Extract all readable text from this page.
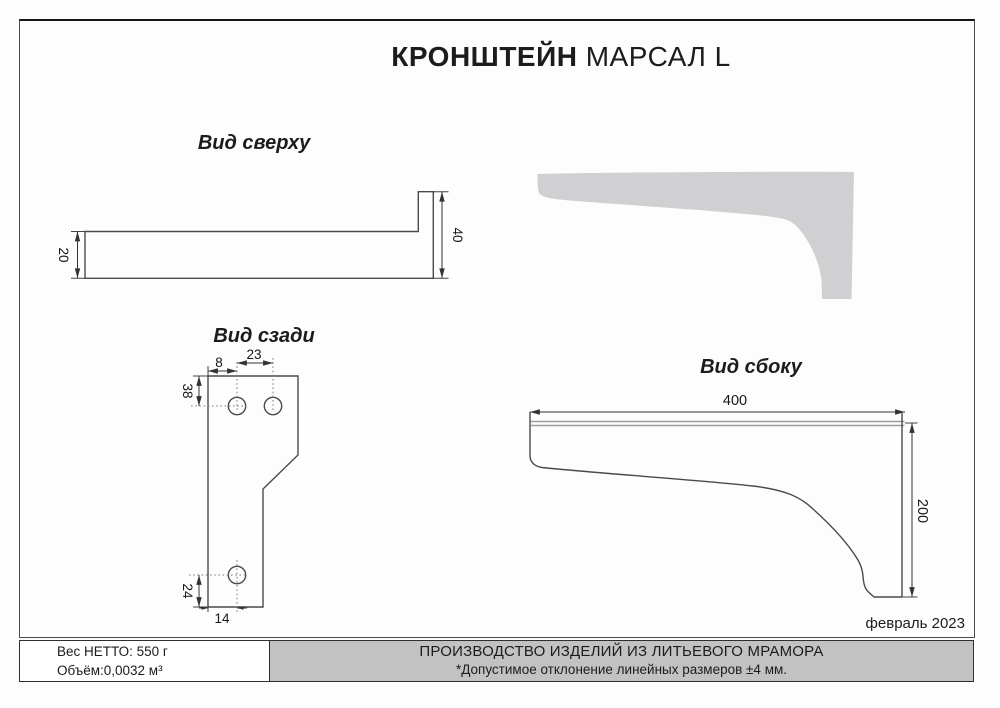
КРОНШТЕЙН МАРСАЛ L
Вид сверху
Вид сзади
Вид сбоку
20
40
8
23
38
24
14
400
200
февраль 2023
Вес НЕТТО: 550 г
Объём:0,0032 м³
ПРОИЗВОДСТВО ИЗДЕЛИЙ ИЗ ЛИТЬЕВОГО МРАМОРА
*Допустимое отклонение линейных размеров ±4 мм.
